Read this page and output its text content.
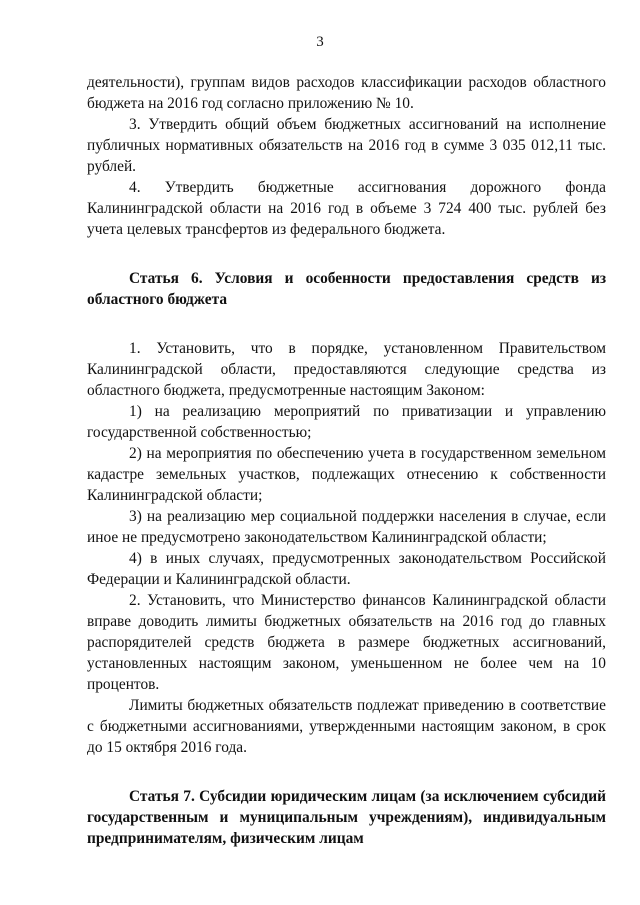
3

деятельности), группам видов расходов классификации расходов областного бюджета на 2016 год согласно приложению № 10.

3. Утвердить общий объем бюджетных ассигнований на исполнение публичных нормативных обязательств на 2016 год в сумме 3 035 012,11 тыс. рублей.

4. Утвердить бюджетные ассигнования дорожного фонда Калининградской области на 2016 год в объеме 3 724 400 тыс. рублей без учета целевых трансфертов из федерального бюджета.

Статья 6. Условия и особенности предоставления средств из областного бюджета

1. Установить, что в порядке, установленном Правительством Калининградской области, предоставляются следующие средства из областного бюджета, предусмотренные настоящим Законом:

1) на реализацию мероприятий по приватизации и управлению государственной собственностью;

2) на мероприятия по обеспечению учета в государственном земельном кадастре земельных участков, подлежащих отнесению к собственности Калининградской области;

3) на реализацию мер социальной поддержки населения в случае, если иное не предусмотрено законодательством Калининградской области;

4) в иных случаях, предусмотренных законодательством Российской Федерации и Калининградской области.

2. Установить, что Министерство финансов Калининградской области вправе доводить лимиты бюджетных обязательств на 2016 год до главных распорядителей средств бюджета в размере бюджетных ассигнований, установленных настоящим законом, уменьшенном не более чем на 10 процентов.

Лимиты бюджетных обязательств подлежат приведению в соответствие с бюджетными ассигнованиями, утвержденными настоящим законом, в срок до 15 октября 2016 года.

Статья 7. Субсидии юридическим лицам (за исключением субсидий государственным и муниципальным учреждениям), индивидуальным предпринимателям, физическим лицам
